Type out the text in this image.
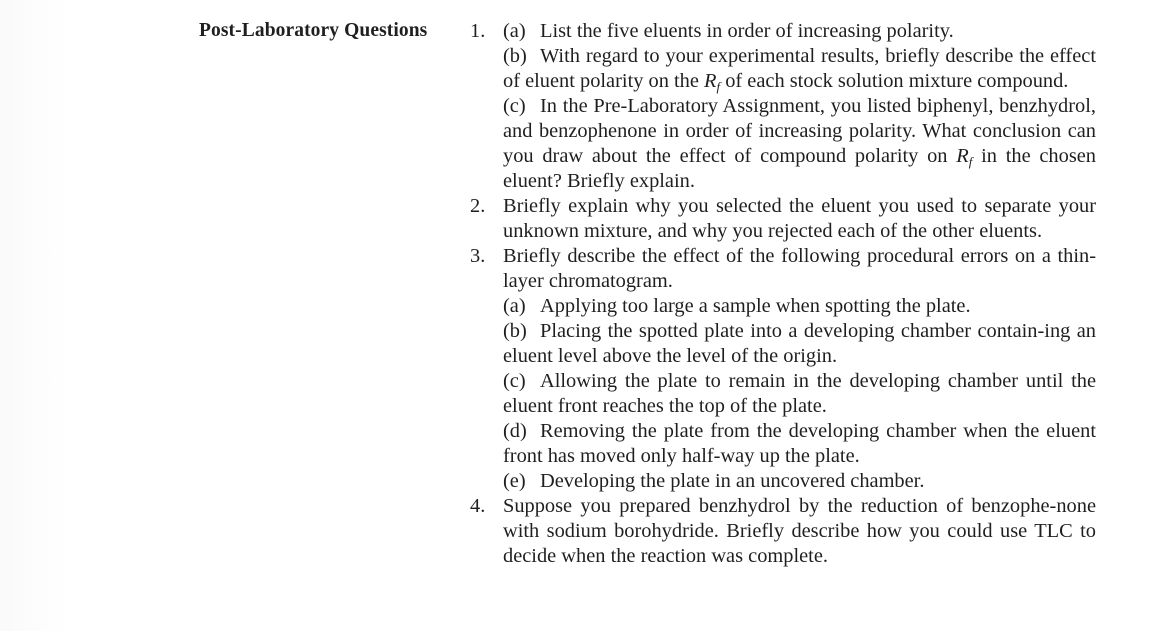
Post-Laboratory Questions 1. (a) List the five eluents in order of increasing polarity.
(b) With regard to your experimental results, briefly describe the effect of eluent polarity on the $R_f$ of each stock solution mixture compound.
(c) In the Pre-Laboratory Assignment, you listed biphenyl, benzhydrol, and benzophenone in order of increasing polarity. What conclusion can you draw about the effect of compound polarity on $R_f$ in the chosen eluent? Briefly explain.
2. Briefly explain why you selected the eluent you used to separate your unknown mixture, and why you rejected each of the other eluents.
3. Briefly describe the effect of the following procedural errors on a thin-layer chromatogram.
(a) Applying too large a sample when spotting the plate.
(b) Placing the spotted plate into a developing chamber contain-ing an eluent level above the level of the origin.
(c) Allowing the plate to remain in the developing chamber until the eluent front reaches the top of the plate.
(d) Removing the plate from the developing chamber when the eluent front has moved only half-way up the plate.
(e) Developing the plate in an uncovered chamber.
4. Suppose you prepared benzhydrol by the reduction of benzophe-none with sodium borohydride. Briefly describe how you could use TLC to decide when the reaction was complete.
